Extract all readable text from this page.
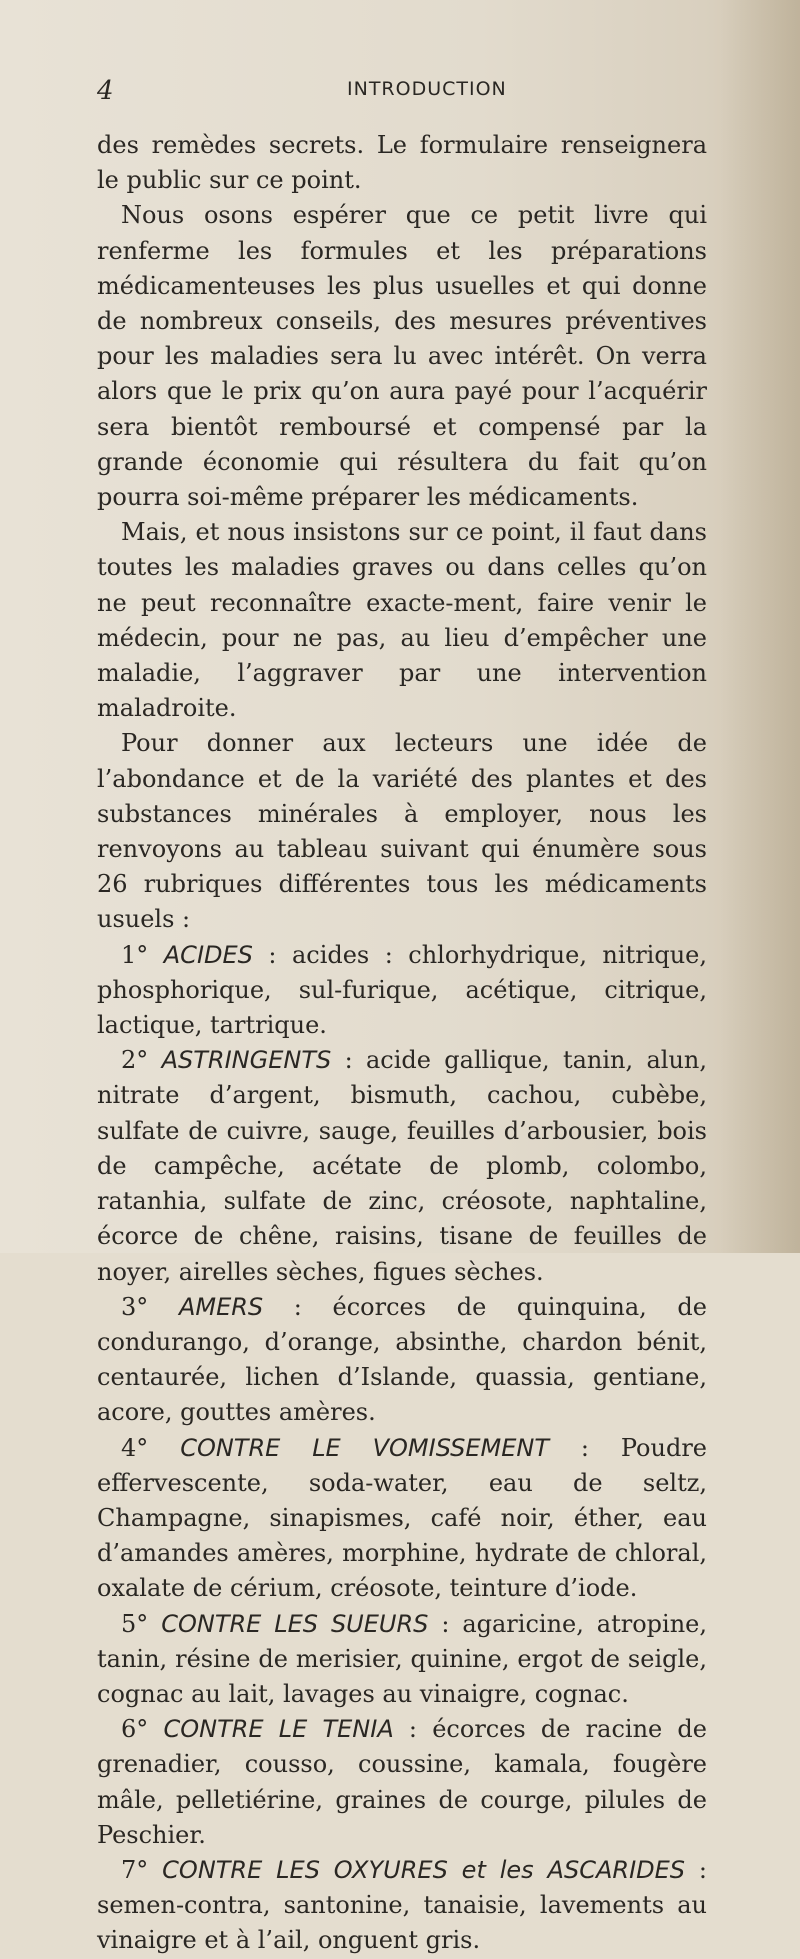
4	INTRODUCTION

des remèdes secrets. Le formulaire renseignera le public sur ce point.

Nous osons espérer que ce petit livre qui renferme les formules et les préparations médicamenteuses les plus usuelles et qui donne de nombreux conseils, des mesures préventives pour les maladies sera lu avec intérêt. On verra alors que le prix qu’on aura payé pour l’acquérir sera bientôt remboursé et compensé par la grande économie qui résultera du fait qu’on pourra soi-même préparer les médicaments.

Mais, et nous insistons sur ce point, il faut dans toutes les maladies graves ou dans celles qu’on ne peut reconnaître exacte-ment, faire venir le médecin, pour ne pas, au lieu d’empêcher une maladie, l’aggraver par une intervention maladroite.

Pour donner aux lecteurs une idée de l’abondance et de la variété des plantes et des substances minérales à employer, nous les renvoyons au tableau suivant qui énumère sous 26 rubriques différentes tous les médicaments usuels :

1° ACIDES : acides : chlorhydrique, nitrique, phosphorique, sul-furique, acétique, citrique, lactique, tartrique.

2° ASTRINGENTS : acide gallique, tanin, alun, nitrate d’argent, bismuth, cachou, cubèbe, sulfate de cuivre, sauge, feuilles d’arbousier, bois de campêche, acétate de plomb, colombo, ratanhia, sulfate de zinc, créosote, naphtaline, écorce de chêne, raisins, tisane de feuilles de noyer, airelles sèches, figues sèches.

3° AMERS : écorces de quinquina, de condurango, d’orange, absinthe, chardon bénit, centaurée, lichen d’Islande, quassia, gentiane, acore, gouttes amères.

4° CONTRE LE VOMISSEMENT : Poudre effervescente, soda-water, eau de seltz, Champagne, sinapismes, café noir, éther, eau d’amandes amères, morphine, hydrate de chloral, oxalate de cérium, créosote, teinture d’iode.

5° CONTRE LES SUEURS : agaricine, atropine, tanin, résine de merisier, quinine, ergot de seigle, cognac au lait, lavages au vinaigre, cognac.

6° CONTRE LE TENIA : écorces de racine de grenadier, cousso, coussine, kamala, fougère mâle, pelletiérine, graines de courge, pilules de Peschier.

7° CONTRE LES OXYURES et les ASCARIDES : semen-contra, santonine, tanaisie, lavements au vinaigre et à l’ail, onguent gris.
